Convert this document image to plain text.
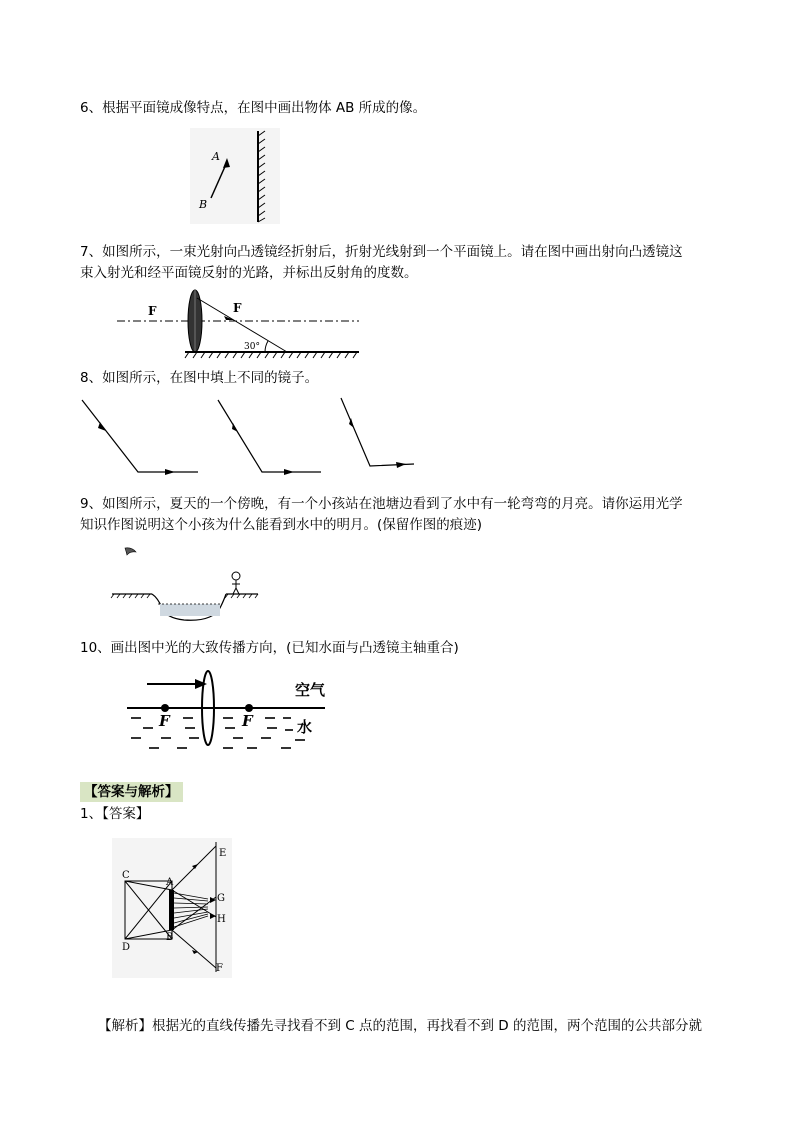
6、根据平面镜成像特点，在图中画出物体 AB 所成的像。
A
B
7、如图所示，一束光射向凸透镜经折射后，折射光线射到一个平面镜上。请在图中画出射向凸透镜这
束入射光和经平面镜反射的光路，并标出反射角的度数。
F	F
30°
8、如图所示，在图中填上不同的镜子。
9、如图所示，夏天的一个傍晚，有一个小孩站在池塘边看到了水中有一轮弯弯的月亮。请你运用光学
知识作图说明这个小孩为什么能看到水中的明月。(保留作图的痕迹)
10、画出图中光的大致传播方向，(已知水面与凸透镜主轴重合)
F	F
空气
水
【答案与解析】
1、【答案】
C
D
A
B
E
G
H
F
【解析】根据光的直线传播先寻找看不到 C 点的范围，再找看不到 D 的范围，两个范围的公共部分就
